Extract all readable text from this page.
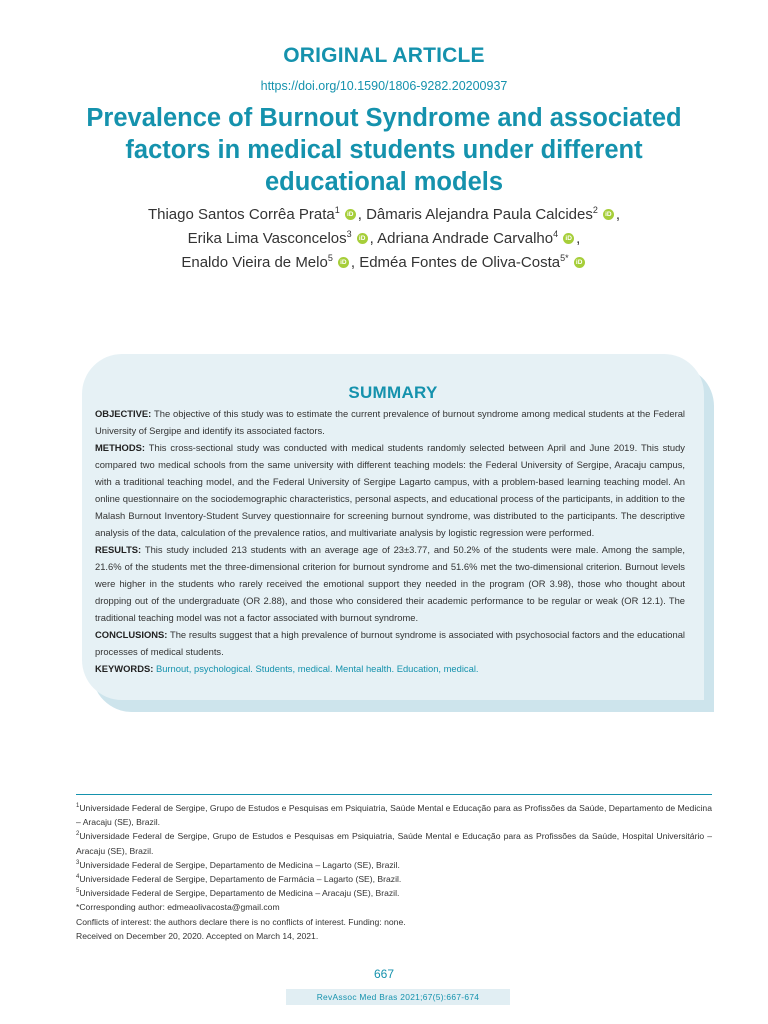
ORIGINAL ARTICLE
https://doi.org/10.1590/1806-9282.20200937
Prevalence of Burnout Syndrome and associated factors in medical students under different educational models
Thiago Santos Corrêa Prata$^1$ iD , Dâmaris Alejandra Paula Calcides$^2$ iD ,
Erika Lima Vasconcelos$^3$ iD , Adriana Andrade Carvalho$^4$ iD ,
Enaldo Vieira de Melo$^5$ iD , Edméa Fontes de Oliva-Costa$^{5*}$ iD
SUMMARY

OBJECTIVE: The objective of this study was to estimate the current prevalence of burnout syndrome among medical students at the Federal University of Sergipe and identify its associated factors.

METHODS: This cross-sectional study was conducted with medical students randomly selected between April and June 2019. This study compared two medical schools from the same university with different teaching models: the Federal University of Sergipe, Aracaju campus, with a traditional teaching model, and the Federal University of Sergipe Lagarto campus, with a problem-based learning teaching model. An online questionnaire on the sociodemographic characteristics, personal aspects, and educational process of the participants, in addition to the Malash Burnout Inventory-Student Survey questionnaire for screening burnout syndrome, was distributed to the participants. The descriptive analysis of the data, calculation of the prevalence ratios, and multivariate analysis by logistic regression were performed.

RESULTS: This study included 213 students with an average age of 23±3.77, and 50.2% of the students were male. Among the sample, 21.6% of the students met the three-dimensional criterion for burnout syndrome and 51.6% met the two-dimensional criterion. Burnout levels were higher in the students who rarely received the emotional support they needed in the program (OR 3.98), those who thought about dropping out of the undergraduate (OR 2.88), and those who considered their academic performance to be regular or weak (OR 12.1). The traditional teaching model was not a factor associated with burnout syndrome.

CONCLUSIONS: The results suggest that a high prevalence of burnout syndrome is associated with psychosocial factors and the educational processes of medical students.

KEYWORDS: Burnout, psychological. Students, medical. Mental health. Education, medical.

$^1$Universidade Federal de Sergipe, Grupo de Estudos e Pesquisas em Psiquiatria, Saúde Mental e Educação para as Profissões da Saúde, Departamento de Medicina – Aracaju (SE), Brazil.

$^2$Universidade Federal de Sergipe, Grupo de Estudos e Pesquisas em Psiquiatria, Saúde Mental e Educação para as Profissões da Saúde, Hospital Universitário – Aracaju (SE), Brazil.

$^3$Universidade Federal de Sergipe, Departamento de Medicina – Lagarto (SE), Brazil.

$^4$Universidade Federal de Sergipe, Departamento de Farmácia – Lagarto (SE), Brazil.

$^5$Universidade Federal de Sergipe, Departamento de Medicina – Aracaju (SE), Brazil.

*Corresponding author: edmeaolivacosta@gmail.com

Conflicts of interest: the authors declare there is no conflicts of interest. Funding: none.

Received on December 20, 2020. Accepted on March 14, 2021.

667
RevAssoc Med Bras 2021;67(5):667-674
